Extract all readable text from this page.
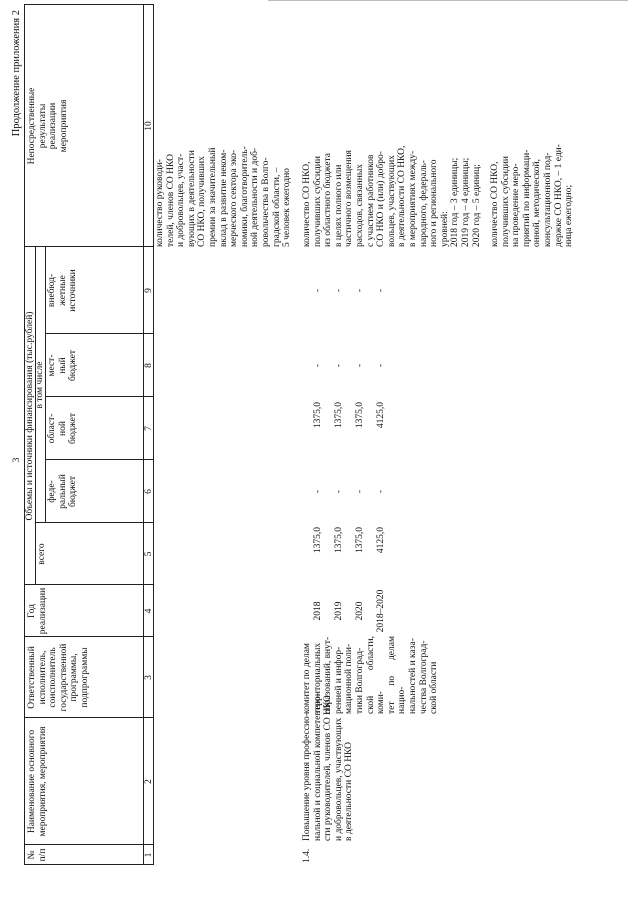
3
Продолжение приложения 2
№
п/п
Наименование основного
мероприятия, мероприятия
Ответственный
исполнитель,
соисполнитель
государственной
программы,
подпрограммы
Год
реализации
Объемы и источники финансирования (тыс.рублей)
всего
в том числе
феде-
ральный
бюджет
област-
ной
бюджет
мест-
ный
бюджет
внебюд-
жетные
источники
Непосредственные
результаты
реализации
мероприятия
1
2
3
4
5
6
7
8
9
10
количество руководи-
телей, членов СО НКО
и добровольцев, участ-
вующих в деятельности
СО НКО, получивших
премии за значительный
вклад в развитие неком-
мерческого сектора эко-
номики, благотворитель-
ной деятельности и доб-
ровольчества в Волго-
градской области, –
5 человек ежегодно
1.4.
Повышение уровня профессио-
нальной и социальной компетентно-
сти руководителей, членов СО НКО
и добровольцев, участвующих
в деятельности СО НКО
комитет по делам
территориальных
образований, внут-
ренней и инфор-
мационной поли-
тики Волгоград-
ской области, коми-
тет по делам нацио-
нальностей и каза-
чества Волгоград-
ской области

2018 2019 2020 2018–2020

1375,0 1375,0 1375,0 4125,0

- - - -

1375,0 1375,0 1375,0 4125,0

- - - -

- - - -

количество СО НКО,
получивших субсидии
из областного бюджета
в целях полного или
частичного возмещения
расходов, связанных
с участием работников
СО НКО и (или) добро-
вольцев, участвующих
в деятельности СО НКО,
в мероприятиях между-
народного, федераль-
ного и регионального
уровней:
2018 год – 3 единицы;
2019 год – 4 единицы;
2020 год – 5 единиц;
количество СО НКО,
получивших субсидии
на проведение меро-
приятий по информаци-
онной, методической,
консультационной под-
держке СО НКО, – 1 еди-
ница ежегодно;
